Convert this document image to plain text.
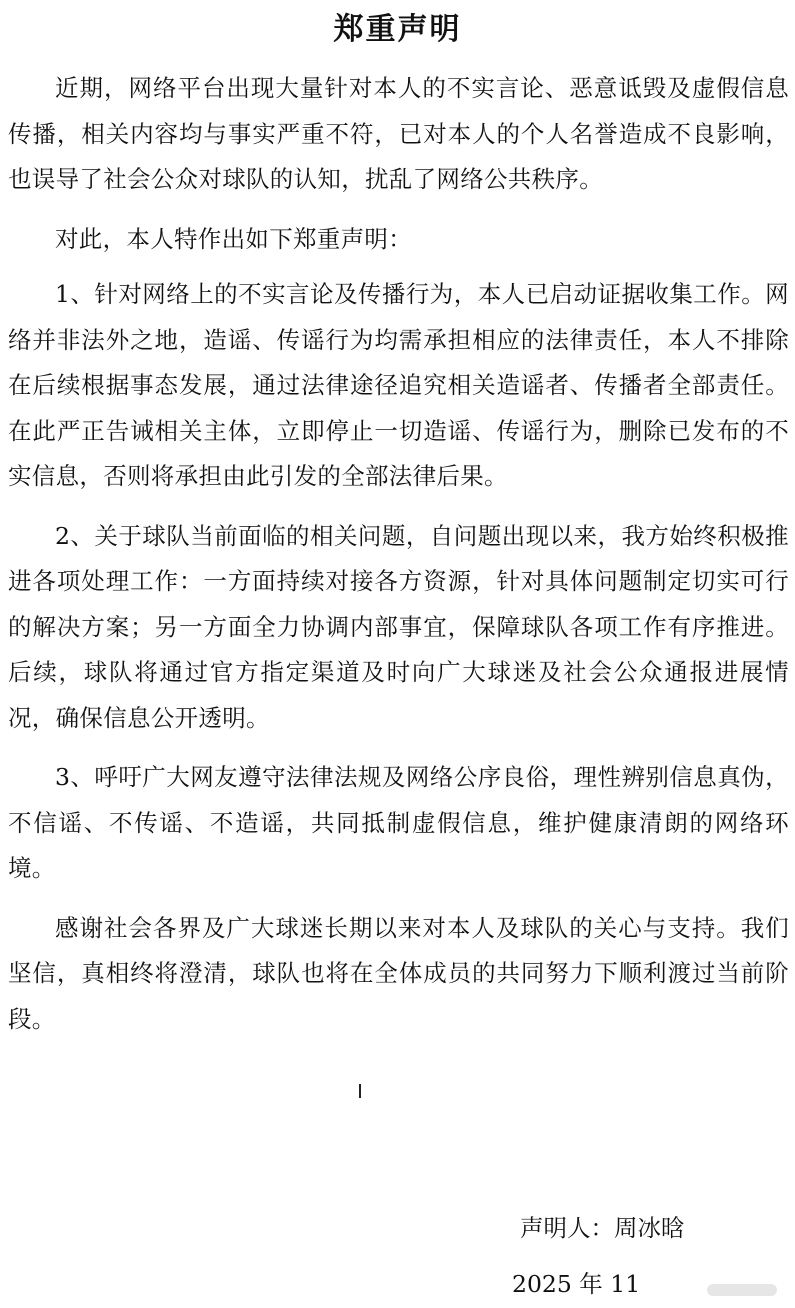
郑重声明

近期，网络平台出现大量针对本人的不实言论、恶意诋毁及虚假信息传播，相关内容均与事实严重不符，已对本人的个人名誉造成不良影响，也误导了社会公众对球队的认知，扰乱了网络公共秩序。

对此，本人特作出如下郑重声明：

1、针对网络上的不实言论及传播行为，本人已启动证据收集工作。网络并非法外之地，造谣、传谣行为均需承担相应的法律责任，本人不排除在后续根据事态发展，通过法律途径追究相关造谣者、传播者全部责任。在此严正告诫相关主体，立即停止一切造谣、传谣行为，删除已发布的不实信息，否则将承担由此引发的全部法律后果。

2、关于球队当前面临的相关问题，自问题出现以来，我方始终积极推进各项处理工作：一方面持续对接各方资源，针对具体问题制定切实可行的解决方案；另一方面全力协调内部事宜，保障球队各项工作有序推进。后续，球队将通过官方指定渠道及时向广大球迷及社会公众通报进展情况，确保信息公开透明。

3、呼吁广大网友遵守法律法规及网络公序良俗，理性辨别信息真伪，不信谣、不传谣、不造谣，共同抵制虚假信息，维护健康清朗的网络环境。

感谢社会各界及广大球迷长期以来对本人及球队的关心与支持。我们坚信，真相终将澄清，球队也将在全体成员的共同努力下顺利渡过当前阶段。

声明人：周冰晗
2025 年 11
